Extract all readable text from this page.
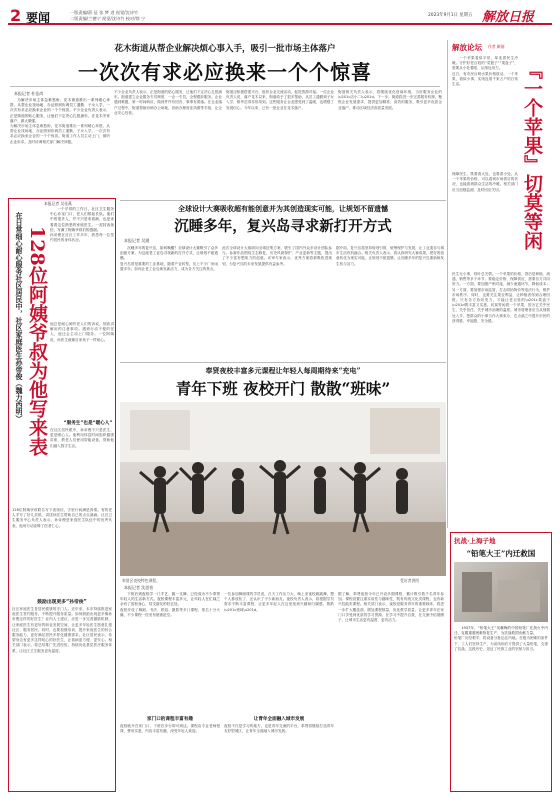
2 要闻	一版责编/薛 征 张 梦 进 视觉/沈诗竹
二版责编/兰德宁 视觉/沈诗竹 校对/徐 宁
2023年9月1日 星期五 解放日报
花木街道从帮企业解决烦心事入手，吸引一批市场主体落户
一次次有求必应换来一个个惊喜
本报记者 杜佳尚

为解决市场主体急难愁盼，花木街道推出一系列暖心举措，从帮企业找场地、办证照到协调员工通勤、子女入学，一次次有求必应换来企业的一个个惊喜。不少企业负责人表示，正是街道的贴心服务，让他们下定决心扎根浦东，在花木安家落户、做大做强。

为解决市场主体急难愁盼，花木街道推出一系列暖心举措，从帮企业找场地、办证照到协调员工通勤、子女入学，一次次有求必应换来企业的一个个惊喜。街道工作人员主动上门，倾听企业诉求，及时协调相关部门解决问题。
不少企业负责人表示，正是街道的贴心服务，让他们下定决心扎根浦东。街道建立企业服务专员制度，一企一专员，全程跟踪服务。企业遇到难题，第一时间响应，做到件件有回音、事事有着落。在企业落户过程中，街道帮助协调办公场地，协助办理营业执照等手续，让企业安心经营。
街道还积极搭建平台，组织企业交流活动，促进资源对接。一位企业负责人说，落户花木以来，街道给予了很多帮助，从员工通勤到子女入学，都考虑得非常周到。这些服务让企业感受到了温暖，也增强了发展信心。今年以来，已有一批企业在花木落户。
街道相关负责人表示，将继续优化营商环境，当好服务企业的\u201c店小二\u201d。下一步，街道将进一步完善服务机制，聚焦企业发展需求，提供更加精准、高效的服务，吸引更多优质企业落户，推动区域经济高质量发展。
本报记者 吴佳燕
在日常细心耐心服务社区居民中，社区家庭医生孙帝俊（魏力西明） 128位阿姨爷叔为他写来表

一个平常的工作日，社区卫生服务中心诊室门口，老人们排起长队。他们中的很多人，并不只是来看病，也是来看看这位熟悉的家庭医生。一封封表扬信，写满了阿姨爷叔们的感谢。

孙帝俊在社区工作多年，熟悉每一位签约居民的身体状况。
他总是耐心倾听老人们的诉说，细致讲解用药注意事项。遇到行动不便的老人，他还会主动上门服务。一位阿姨说，孙医生就像自家孩子一样贴心。
“服务生”也是“暖心人”
在社区居民眼中，孙帝俊不只是医生，更是暖心人。他利用休息时间组织健康讲座，教老人们使用智能设备，帮助他们融入数字生活。
128位阿姨爷叔联名写下表扬信，字里行间满是真情。有的老人手写了好几页纸，讲述孙医生帮助自己的点点滴滴。社区卫生服务中心负责人表示，孙帝俊是家庭医生队伍中的优秀代表，他用行动诠释了医者仁心。
鼓励出现更多“孙帝俊”
社区家庭医生是居民健康的守门人。近年来，本市持续推进家庭医生签约服务，不断提升服务质量。如何鼓励出现更多像孙帝俊这样的好医生？业内人士建议，应进一步完善激励机制，让家庭医生有更好的职业发展空间，让更多年轻医生愿意扎根社区、服务居民。同时，也要加强培训，提升家庭医生的综合服务能力，更好满足居民多样化健康需求。社区居民表示，希望身边有更多这样贴心的好医生，让看病更方便、更安心。相关部门表示，将总结推广先进经验，持续优化基层医疗服务体系，让社区卫生服务更有温度。
解放论坛 作者 颜刚

一个苹果看似平常，却连着民生冷暖。守护好老百姓的“菜篮子”“果盘子”，需要从小处着眼、从细处用力。

近日，有市民反映水果价格波动。一个苹果，看似小事，实则连着千家万户的日常生活。
『一个苹果』切莫等闲
保障民生，既要看大处，也要看小处。从一个苹果的价格，可以看到市场供应的状况，也能看到群众生活的冷暖。相关部门应当加强监测，及时回应关切。
民生无小事，枝叶总关情。一个苹果的价格，背后是种植、流通、销售等多个环节。要稳定价格、保障供应，需要各方共同努力。一方面，要加强产销对接，减少流通环节，降低成本；另一方面，要加强市场监管，打击哄抬物价等违法行为，维护市场秩序。同时，也要关注果农利益，让种植者得到合理回报。只有各方协同发力，才能让老百姓的\u201c果盘子\u201d既丰富又实惠。切莫等闲看一个苹果，因为它关乎民生，关乎信任，关乎城市治理的温度。城市管理者应当从细微处入手，把群众的小事当作大事来办，在点滴之中提升市民的获得感、幸福感、安全感。
全球设计大赛吸收超有能创意并为其创造现实可能，让规划不留遗憾
沉睡多年，复兴岛寻求新打开方式
本报记者 吴涵

沉睡多年的复兴岛，如何唤醒？全球设计大赛吸引了众多创意方案，为这座老工业岛寻找新的打开方式，让规划不留遗憾。

复兴岛曾是重要的工业基地，随着产业转型，岛上不少厂房闲置多年。如何让老工业岛焕发新活力，成为各方关注的焦点。
此次全球设计大赛面向全球征集方案，吸引了国内外众多设计团队参与。参赛作品围绕生态修复、历史风貌保护、产业更新等主题，提出了不少富有想象力的创意。评审专家表示，优秀方案将被吸收进规划，为复兴岛的未来发展提供有益参考。
据介绍，复兴岛将坚持规划引领，统筹保护与发展，让工业遗存与城市生活有机融合。相关负责人表示，将认真研究大赛成果，把好的创意转化为现实可能，让规划不留遗憾，让沉睡多年的复兴岛重新焕发生机与活力。
奉贤夜校丰富多元课程让年轻人每周期待来“充电”
青年下班 夜校开门 散散“班味”
奉贤区夜校特色课程。	受访者供图
本报记者 沈思怡

下班后到夜校学一门手艺、跳一支舞，已经成为不少奉贤年轻人的生活新方式。夜校课程丰富多元，让年轻人在忙碌之余有了放松身心、结交朋友的好去处。

夜校开设了舞蹈、书法、烘焙、摄影等多门课程，报名十分火爆，不少课程一经发布便被抢空。
家门口的课程丰富有趣
夜校就开在家门口，下班后步行即可到达。课程由专业老师授课，费用实惠，内容丰富有趣，深受年轻人欢迎。
一位参加舞蹈课的学员说，白天工作压力大，晚上来夜校跳跳舞，整个人都放松了，还认识了不少新朋友。夜校负责人表示，将根据学员需求不断丰富课程，让更多年轻人在这里找到兴趣和归属感，散散\u201c班味\u201d。
让青年全面融入城市发展
夜校不仅是学习的地方，也是青年交流的平台。奉贤将继续打造青年友好型城区，让青年全面融入城市发展。
据了解，奉贤夜校今年已开设多期课程，累计吸引数千名青年参加。课程设置注重实用性与趣味性，既有传统文化类课程，也有新兴技能类课程。相关部门表示，夜校是服务青年的重要载体，将进一步扩大覆盖面，增加课程数量，优化教学质量，让更多青年在家门口享受到优质的学习资源，在学习中提升自我，在交流中拓展圈子，让城市生活更有温度、更有活力。
抗战·上海子地
“铅笔大王”内迁救国

1937年，“铅笔大王”吴羹梅的中国铅笔厂在战火中内迁，克服重重困难恢复生产，为抗战救国贡献力量。

铅笔厂历经艰辛，将设备分批运往内地。在极为困难的条件下，工人们坚持生产，为前线和后方提供了大量铅笔，支援了抗战。这段历史，见证了民族工业的坚韧与担当。
